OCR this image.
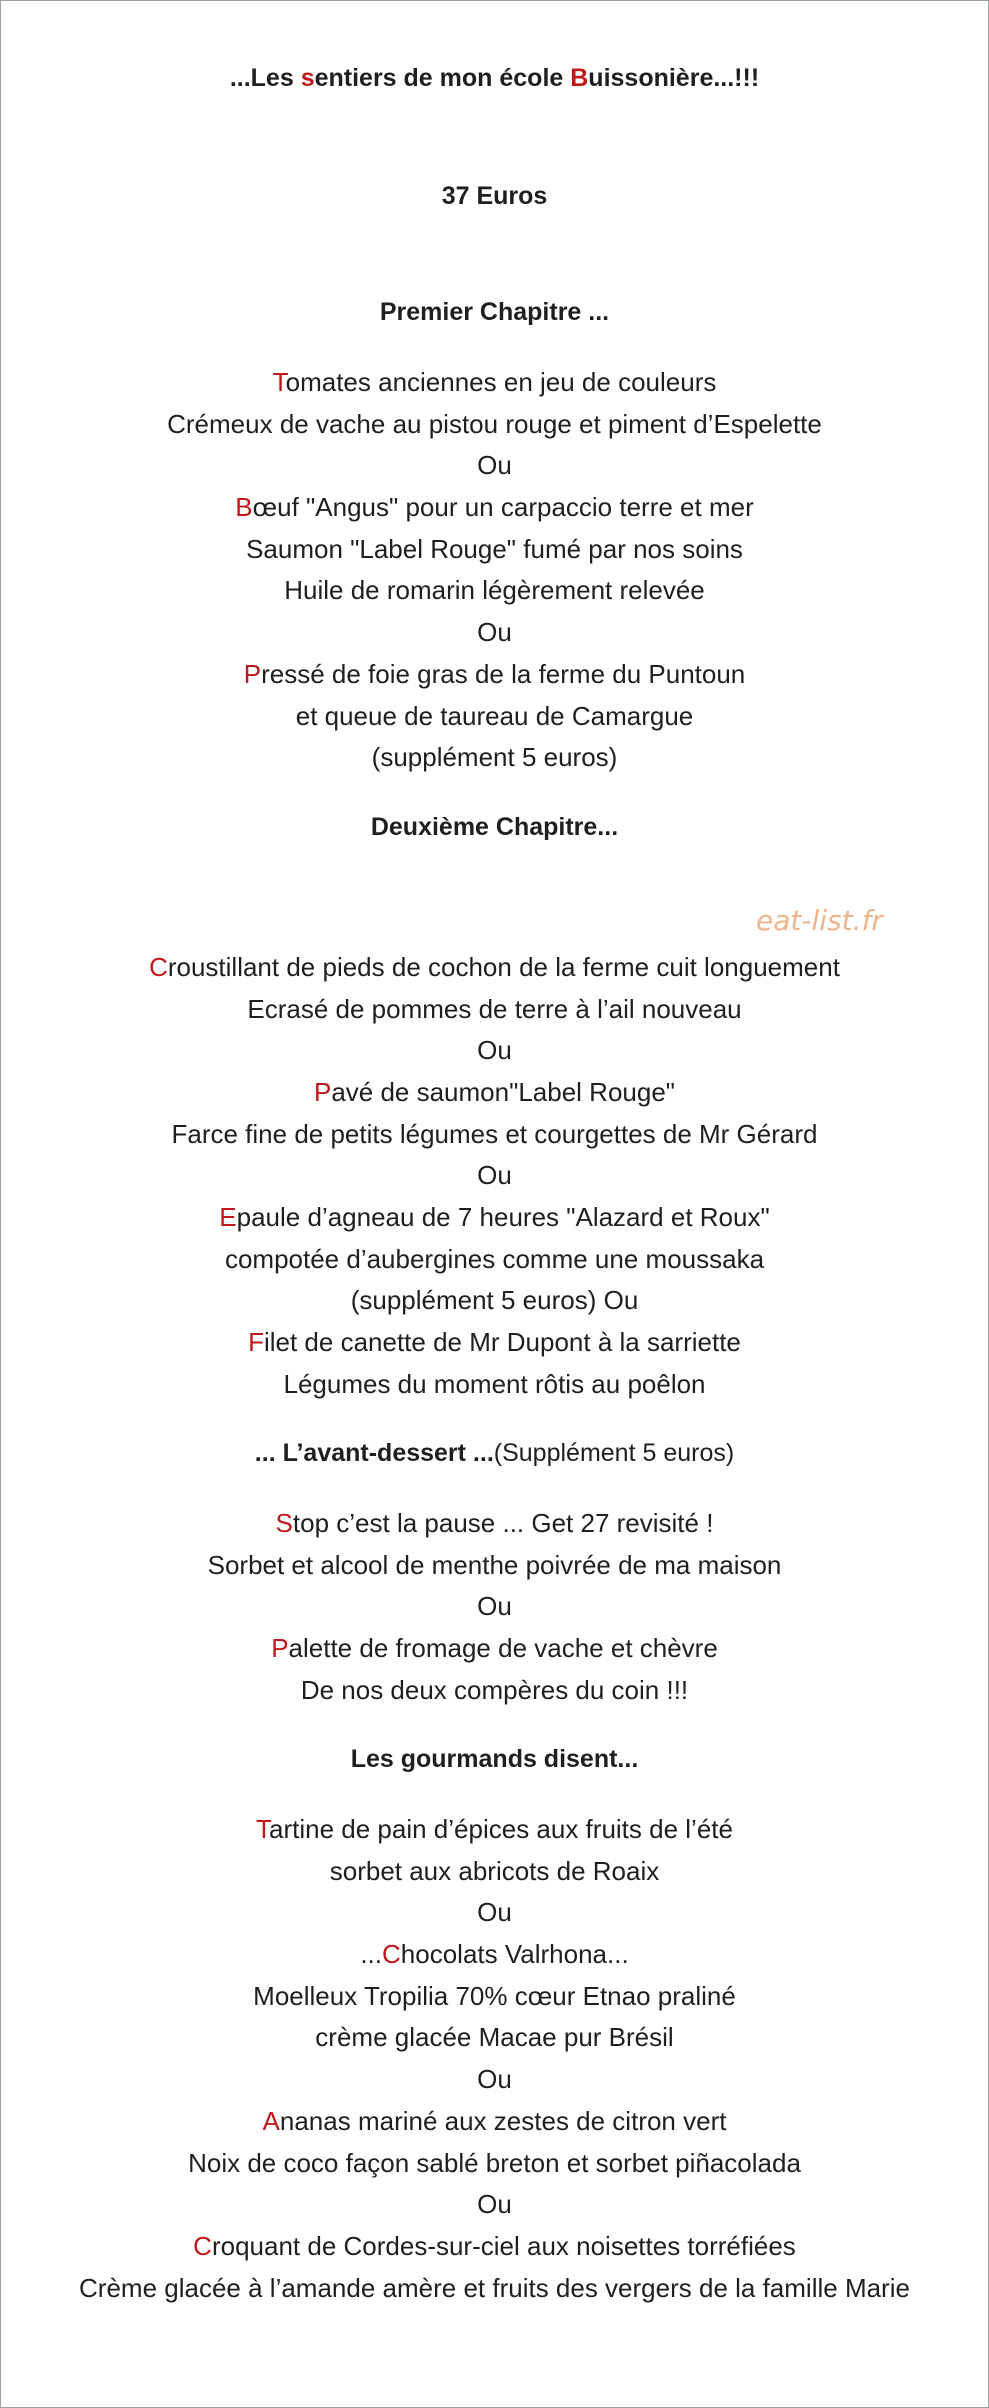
...Les sentiers de mon école Buissonière...!!!
37 Euros
Premier Chapitre ...
Tomates anciennes en jeu de couleurs
Crémeux de vache au pistou rouge et piment d’Espelette
Ou
Bœuf "Angus" pour un carpaccio terre et mer
Saumon "Label Rouge" fumé par nos soins
Huile de romarin légèrement relevée
Ou
Pressé de foie gras de la ferme du Puntoun
et queue de taureau de Camargue
(supplément 5 euros)
Deuxième Chapitre...
eat-list.fr
Croustillant de pieds de cochon de la ferme cuit longuement
Ecrasé de pommes de terre à l’ail nouveau
Ou
Pavé de saumon"Label Rouge"
Farce fine de petits légumes et courgettes de Mr Gérard
Ou
Epaule d’agneau de 7 heures "Alazard et Roux"
compotée d’aubergines comme une moussaka
(supplément 5 euros) Ou
Filet de canette de Mr Dupont à la sarriette
Légumes du moment rôtis au poêlon
... L’avant-dessert ...(Supplément 5 euros)
Stop c’est la pause ... Get 27 revisité !
Sorbet et alcool de menthe poivrée de ma maison
Ou
Palette de fromage de vache et chèvre
De nos deux compères du coin !!!
Les gourmands disent...
Tartine de pain d’épices aux fruits de l’été
sorbet aux abricots de Roaix
Ou
...Chocolats Valrhona...
Moelleux Tropilia 70% cœur Etnao praliné
crème glacée Macae pur Brésil
Ou
Ananas mariné aux zestes de citron vert
Noix de coco façon sablé breton et sorbet piñacolada
Ou
Croquant de Cordes-sur-ciel aux noisettes torréfiées
Crème glacée à l’amande amère et fruits des vergers de la famille Marie
